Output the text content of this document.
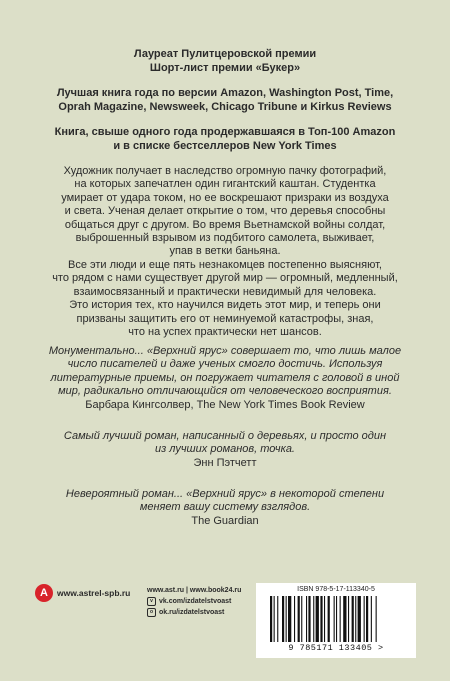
Лауреат Пулитцеровской премии
Шорт-лист премии «Букер»
Лучшая книга года по версии Amazon, Washington Post, Time,
Oprah Magazine, Newsweek, Chicago Tribune и Kirkus Reviews
Книга, свыше одного года продержавшаяся в Топ-100 Amazon
и в списке бестселлеров New York Times
Художник получает в наследство огромную пачку фотографий,
на которых запечатлен один гигантский каштан. Студентка
умирает от удара током, но ее воскрешают призраки из воздуха
и света. Ученая делает открытие о том, что деревья способны
общаться друг с другом. Во время Вьетнамской войны солдат,
выброшенный взрывом из подбитого самолета, выживает,
упав в ветки баньяна.
Все эти люди и еще пять незнакомцев постепенно выясняют,
что рядом с нами существует другой мир — огромный, медленный,
взаимосвязанный и практически невидимый для человека.
Это история тех, кто научился видеть этот мир, и теперь они
призваны защитить его от неминуемой катастрофы, зная,
что на успех практически нет шансов.
Монументально... «Верхний ярус» совершает то, что лишь малое
число писателей и даже ученых смогло достичь. Используя
литературные приемы, он погружает читателя с головой в иной
мир, радикально отличающийся от человеческого восприятия.
Барбара Кингсолвер, The New York Times Book Review
Самый лучший роман, написанный о деревьях, и просто один
из лучших романов, точка.
Энн Пэтчетт
Невероятный роман... «Верхний ярус» в некоторой степени
меняет вашу систему взглядов.
The Guardian
А	www.astrel-spb.ru www.ast.ru | www.book24.ru
v vk.com/izdatelstvoast
o ok.ru/izdatelstvoast
ISBN 978-5-17-113340-5
9 785171 133405 >
